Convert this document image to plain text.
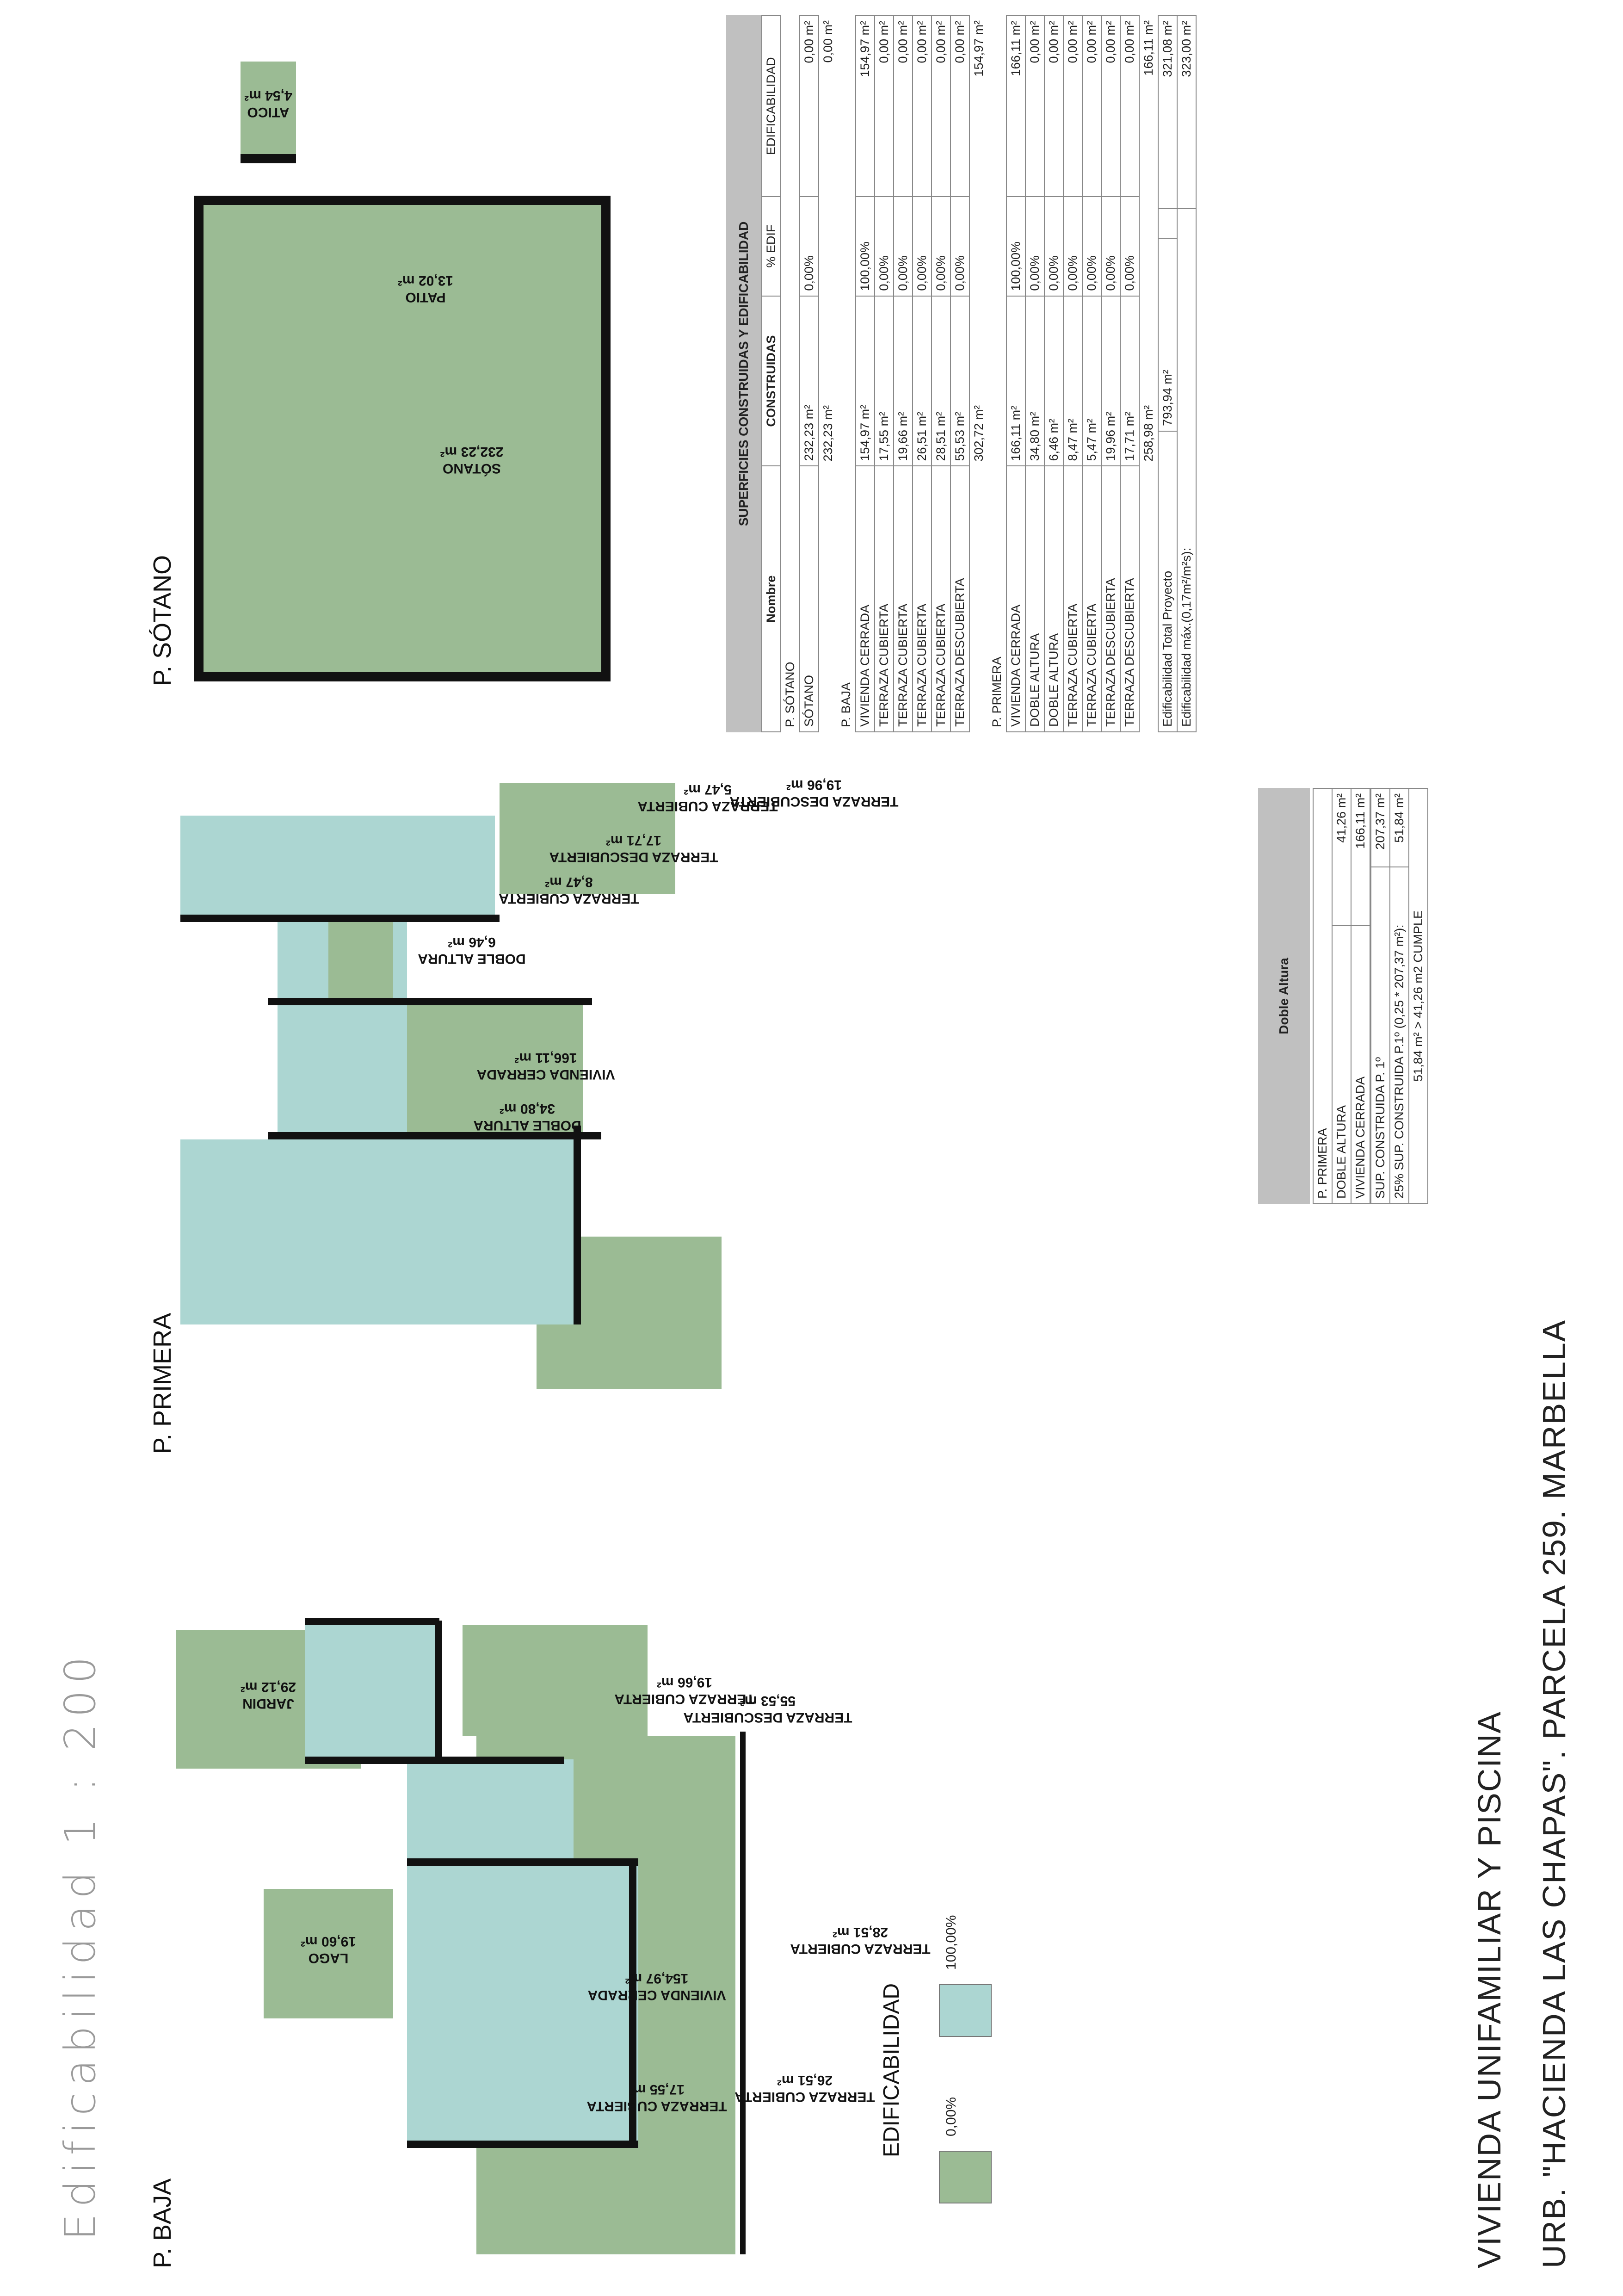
Edificabilidad 1 : 200 P. BAJA
P. PRIMERA
P. SÓTANO
EDIFICABILIDAD	0,00%
100,00%	VIVIENDA UNIFAMILIAR Y PISCINA URB. "HACIENDA LAS CHAPAS". PARCELA 259. MARBELLA
JARDIN29,12 m²
LAGO19,60 m²
TERRAZA CUBIERTA17,55 m²
VIVIENDA CERRADA154,97 m²
TERRAZA CUBIERTA26,51 m²
TERRAZA CUBIERTA28,51 m²
TERRAZA CUBIERTA19,66 m²
TERRAZA DESCUBIERTA55,53 m²
VIVIENDA CERRADA166,11 m²
TERRAZA CUBIERTA8,47 m²
TERRAZA DESCUBIERTA17,71 m²
DOBLE ALTURA34,80 m²
DOBLE ALTURA6,46 m²
TERRAZA CUBIERTA5,47 m²
TERRAZA DESCUBIERTA19,96 m²
ATICO4,54 m²
PATIO13,02 m²
SÓTANO232,23 m²
Doble Altura
P. PRIMERA	
DOBLE ALTURA	41,26 m²
VIVIENDA CERRADA	166,11 m²
SUP. CONSTRUIDA P. 1º	207,37 m²
25% SUP. CONSTRUIDA P.1º (0,25 * 207,37 m²):	51,84 m²
51,84 m² > 41,26 m2 CUMPLE	
SUPERFICIES CONSTRUIDAS Y EDIFICABILIDAD
Nombre	CONSTRUIDAS	% EDIF	EDIFICABILIDAD
P. SÓTANO			
SÓTANO	232,23 m²	0,00%	0,00 m²
	232,23 m²		0,00 m²
P. BAJA			
VIVIENDA CERRADA	154,97 m²	100,00%	154,97 m²
TERRAZA CUBIERTA	17,55 m²	0,00%	0,00 m²
TERRAZA CUBIERTA	19,66 m²	0,00%	0,00 m²
TERRAZA CUBIERTA	26,51 m²	0,00%	0,00 m²
TERRAZA CUBIERTA	28,51 m²	0,00%	0,00 m²
TERRAZA DESCUBIERTA	55,53 m²	0,00%	0,00 m²
	302,72 m²		154,97 m²
P. PRIMERA			
VIVIENDA CERRADA	166,11 m²	100,00%	166,11 m²
DOBLE ALTURA	34,80 m²	0,00%	0,00 m²
DOBLE ALTURA	6,46 m²	0,00%	0,00 m²
TERRAZA CUBIERTA	8,47 m²	0,00%	0,00 m²
TERRAZA CUBIERTA	5,47 m²	0,00%	0,00 m²
TERRAZA DESCUBIERTA	19,96 m²	0,00%	0,00 m²
TERRAZA DESCUBIERTA	17,71 m²	0,00%	0,00 m²
	258,98 m²		166,11 m²
Edificabilidad Total Proyecto	793,94 m²		321,08 m²
Edificabilidad máx.(0,17m²/m²s):			323,00 m²
